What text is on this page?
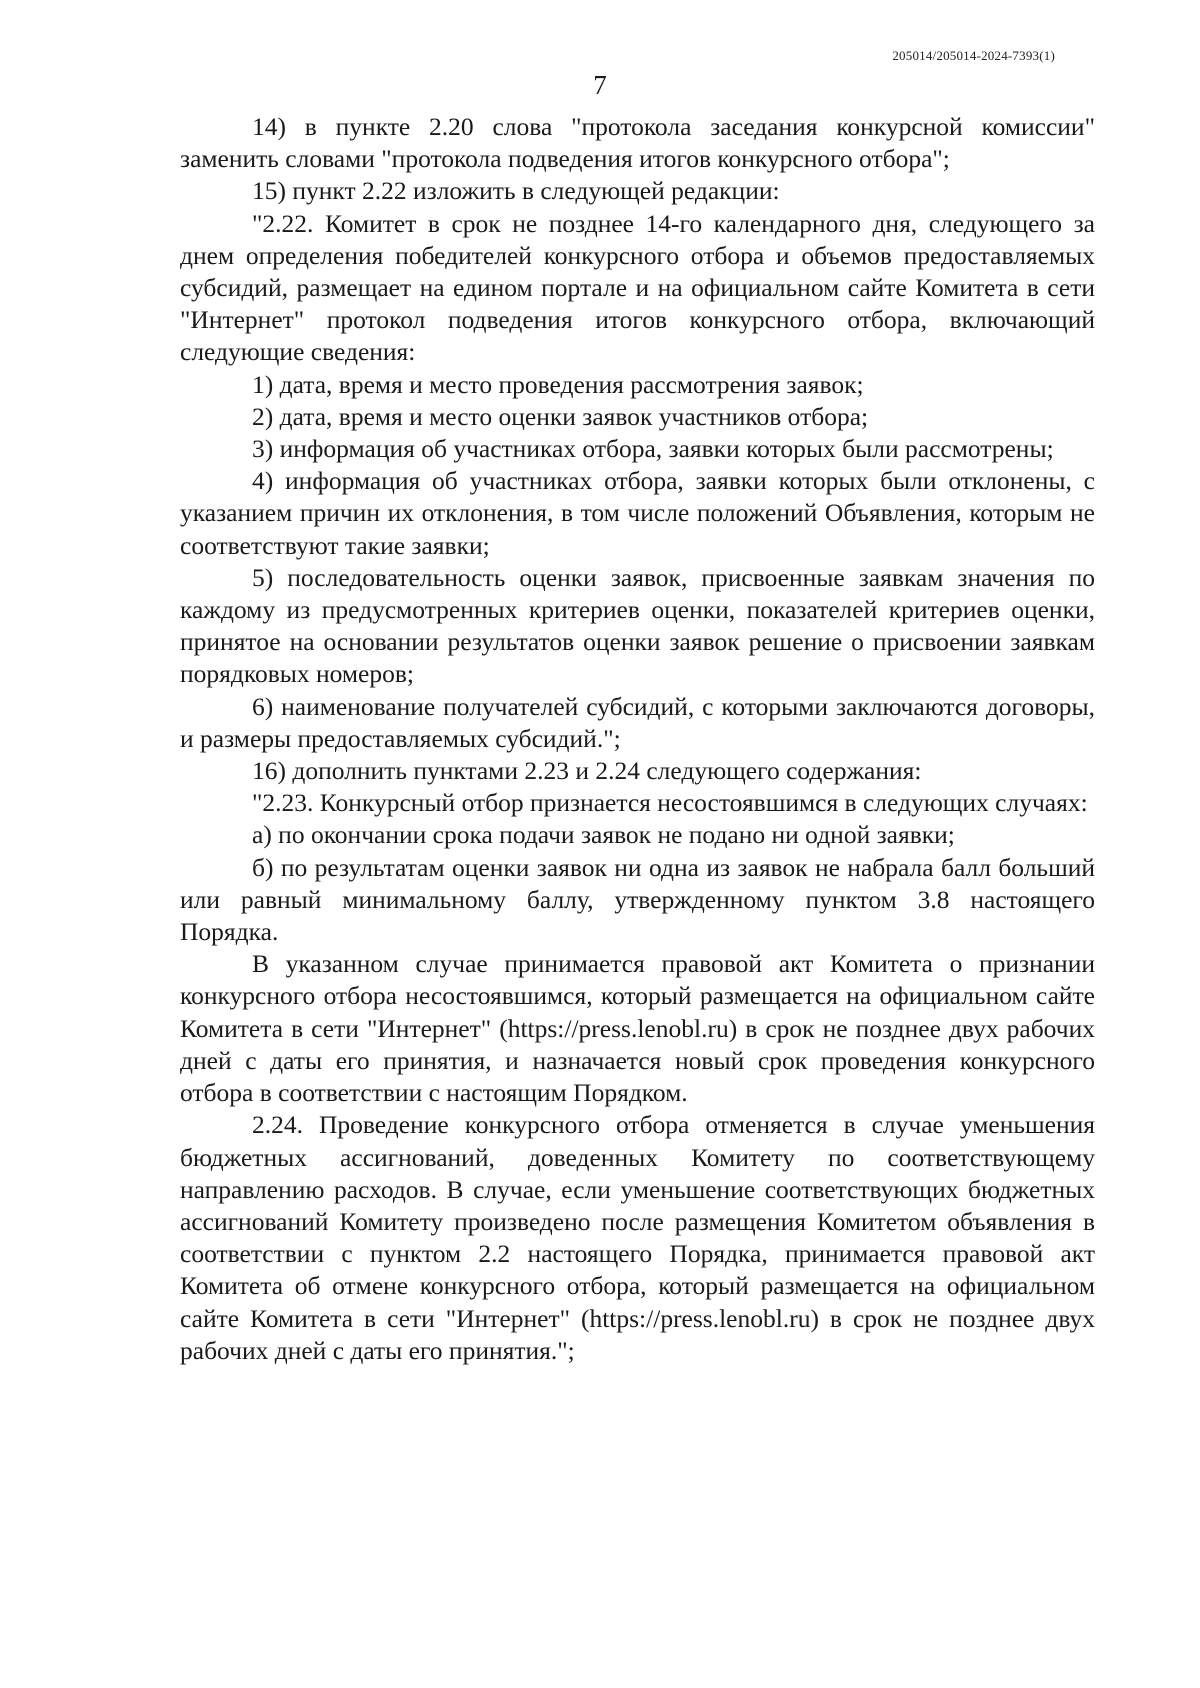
205014/205014-2024-7393(1)
7

14) в пункте 2.20 слова "протокола заседания конкурсной комиссии" заменить словами "протокола подведения итогов конкурсного отбора";

15) пункт 2.22 изложить в следующей редакции:

"2.22. Комитет в срок не позднее 14-го календарного дня, следующего за днем определения победителей конкурсного отбора и объемов предоставляемых субсидий, размещает на едином портале и на официальном сайте Комитета в сети "Интернет" протокол подведения итогов конкурсного отбора, включающий следующие сведения:

1) дата, время и место проведения рассмотрения заявок;

2) дата, время и место оценки заявок участников отбора;

3) информация об участниках отбора, заявки которых были рассмотрены;

4) информация об участниках отбора, заявки которых были отклонены, с указанием причин их отклонения, в том числе положений Объявления, которым не соответствуют такие заявки;

5) последовательность оценки заявок, присвоенные заявкам значения по каждому из предусмотренных критериев оценки, показателей критериев оценки, принятое на основании результатов оценки заявок решение о присвоении заявкам порядковых номеров;

6) наименование получателей субсидий, с которыми заключаются договоры, и размеры предоставляемых субсидий.";

16) дополнить пунктами 2.23 и 2.24 следующего содержания:

"2.23. Конкурсный отбор признается несостоявшимся в следующих случаях:

а) по окончании срока подачи заявок не подано ни одной заявки;

б) по результатам оценки заявок ни одна из заявок не набрала балл больший или равный минимальному баллу, утвержденному пунктом 3.8 настоящего Порядка.

В указанном случае принимается правовой акт Комитета о признании конкурсного отбора несостоявшимся, который размещается на официальном сайте Комитета в сети "Интернет" (https://press.lenobl.ru) в срок не позднее двух рабочих дней с даты его принятия, и назначается новый срок проведения конкурсного отбора в соответствии с настоящим Порядком.

2.24. Проведение конкурсного отбора отменяется в случае уменьшения бюджетных ассигнований, доведенных Комитету по соответствующему направлению расходов. В случае, если уменьшение соответствующих бюджетных ассигнований Комитету произведено после размещения Комитетом объявления в соответствии с пунктом 2.2 настоящего Порядка, принимается правовой акт Комитета об отмене конкурсного отбора, который размещается на официальном сайте Комитета в сети "Интернет" (https://press.lenobl.ru) в срок не позднее двух рабочих дней с даты его принятия.";
